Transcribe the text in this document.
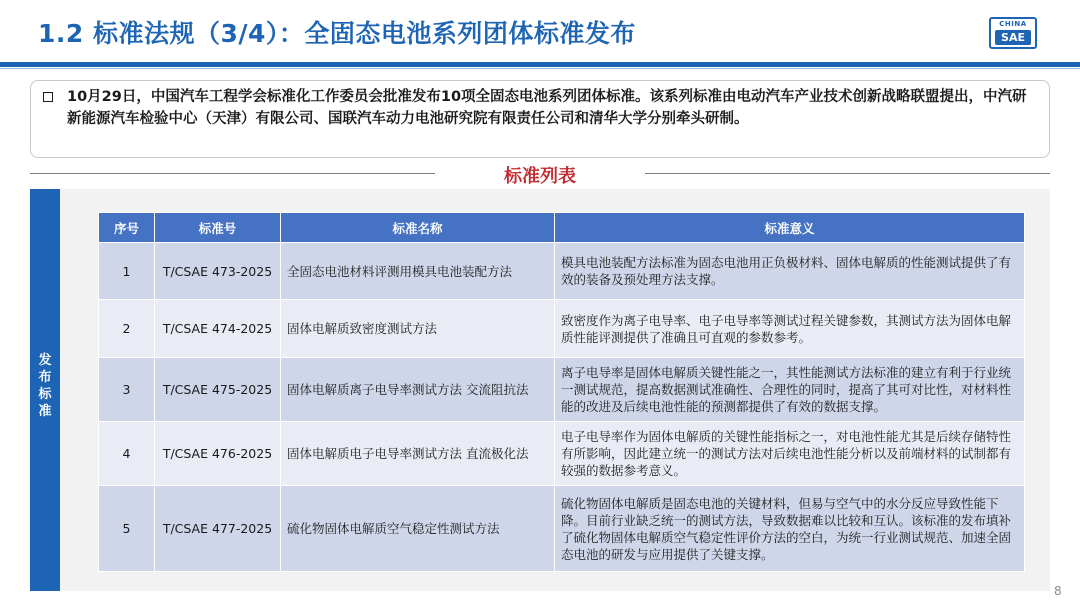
1.2 标准法规（3/4）：全固态电池系列团体标准发布	CHINA
SAE
10月29日，中国汽车工程学会标准化工作委员会批准发布10项全固态电池系列团体标准。该系列标准由电动汽车产业技术创新战略联盟提出，中汽研新能源汽车检验中心（天津）有限公司、国联汽车动力电池研究院有限责任公司和清华大学分别牵头研制。
标准列表
发
布
标
准
序号	标准号	标准名称	标准意义
1	T/CSAE 473-2025	全固态电池材料评测用模具电池装配方法	模具电池装配方法标准为固态电池用正负极材料、固体电解质的性能测试提供了有效的装备及预处理方法支撑。
2	T/CSAE 474-2025	固体电解质致密度测试方法	致密度作为离子电导率、电子电导率等测试过程关键参数，其测试方法为固体电解质性能评测提供了准确且可直观的参数参考。
3	T/CSAE 475-2025	固体电解质离子电导率测试方法 交流阻抗法	离子电导率是固体电解质关键性能之一，其性能测试方法标准的建立有利于行业统一测试规范，提高数据测试准确性、合理性的同时，提高了其可对比性，对材料性能的改进及后续电池性能的预测都提供了有效的数据支撑。
4	T/CSAE 476-2025	固体电解质电子电导率测试方法 直流极化法	电子电导率作为固体电解质的关键性能指标之一，对电池性能尤其是后续存储特性有所影响，因此建立统一的测试方法对后续电池性能分析以及前端材料的试制都有较强的数据参考意义。
5	T/CSAE 477-2025	硫化物固体电解质空气稳定性测试方法	硫化物固体电解质是固态电池的关键材料，但易与空气中的水分反应导致性能下降。目前行业缺乏统一的测试方法，导致数据难以比较和互认。该标准的发布填补了硫化物固体电解质空气稳定性评价方法的空白，为统一行业测试规范、加速全固态电池的研发与应用提供了关键支撑。
8
